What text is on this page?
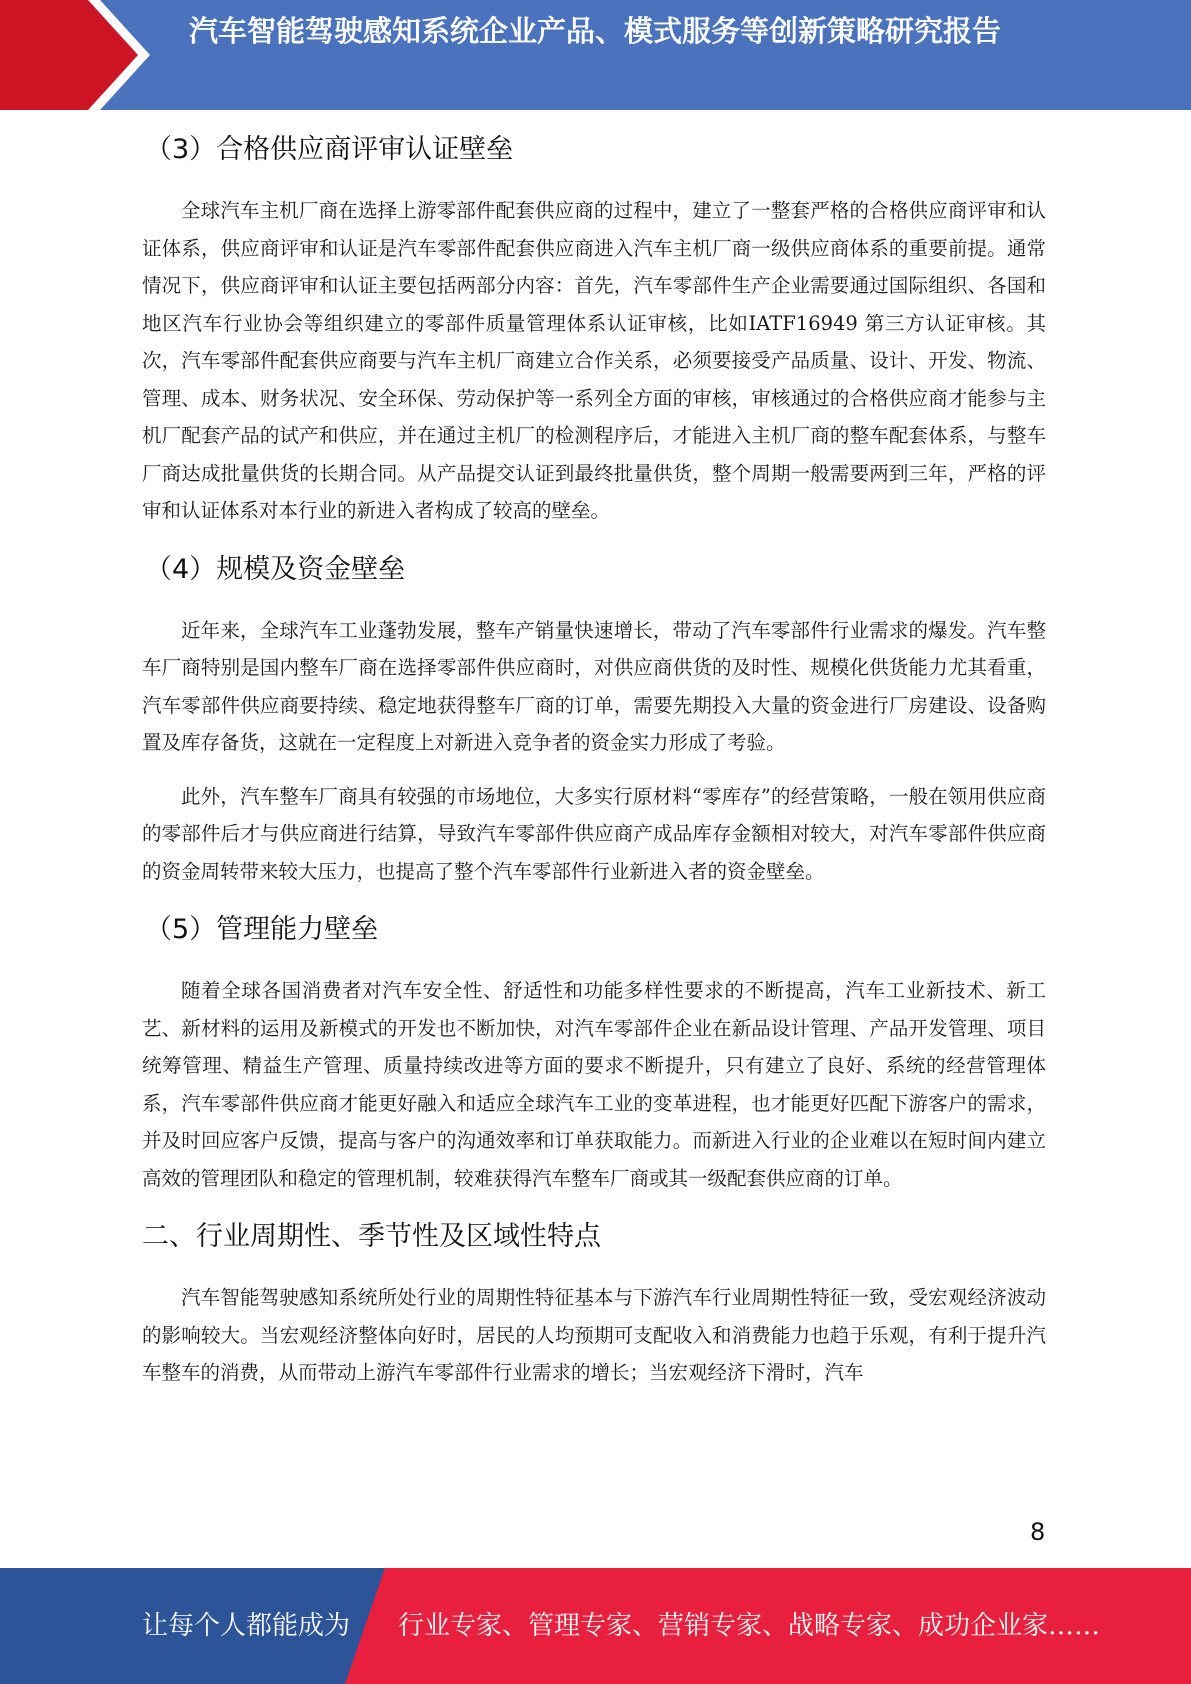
汽车智能驾驶感知系统企业产品、模式服务等创新策略研究报告
（3）合格供应商评审认证壁垒

全球汽车主机厂商在选择上游零部件配套供应商的过程中，建立了一整套严格的合格供应商评审和认证体系，供应商评审和认证是汽车零部件配套供应商进入汽车主机厂商一级供应商体系的重要前提。通常情况下，供应商评审和认证主要包括两部分内容：首先，汽车零部件生产企业需要通过国际组织、各国和地区汽车行业协会等组织建立的零部件质量管理体系认证审核，比如IATF16949 第三方认证审核。其次，汽车零部件配套供应商要与汽车主机厂商建立合作关系，必须要接受产品质量、设计、开发、物流、管理、成本、财务状况、安全环保、劳动保护等一系列全方面的审核，审核通过的合格供应商才能参与主机厂配套产品的试产和供应，并在通过主机厂的检测程序后，才能进入主机厂商的整车配套体系，与整车厂商达成批量供货的长期合同。从产品提交认证到最终批量供货，整个周期一般需要两到三年，严格的评审和认证体系对本行业的新进入者构成了较高的壁垒。

（4）规模及资金壁垒

近年来，全球汽车工业蓬勃发展，整车产销量快速增长，带动了汽车零部件行业需求的爆发。汽车整车厂商特别是国内整车厂商在选择零部件供应商时，对供应商供货的及时性、规模化供货能力尤其看重，汽车零部件供应商要持续、稳定地获得整车厂商的订单，需要先期投入大量的资金进行厂房建设、设备购置及库存备货，这就在一定程度上对新进入竞争者的资金实力形成了考验。

此外，汽车整车厂商具有较强的市场地位，大多实行原材料“零库存”的经营策略，一般在领用供应商的零部件后才与供应商进行结算，导致汽车零部件供应商产成品库存金额相对较大，对汽车零部件供应商的资金周转带来较大压力，也提高了整个汽车零部件行业新进入者的资金壁垒。

（5）管理能力壁垒

随着全球各国消费者对汽车安全性、舒适性和功能多样性要求的不断提高，汽车工业新技术、新工艺、新材料的运用及新模式的开发也不断加快，对汽车零部件企业在新品设计管理、产品开发管理、项目统筹管理、精益生产管理、质量持续改进等方面的要求不断提升，只有建立了良好、系统的经营管理体系，汽车零部件供应商才能更好融入和适应全球汽车工业的变革进程，也才能更好匹配下游客户的需求，并及时回应客户反馈，提高与客户的沟通效率和订单获取能力。而新进入行业的企业难以在短时间内建立高效的管理团队和稳定的管理机制，较难获得汽车整车厂商或其一级配套供应商的订单。

二、行业周期性、季节性及区域性特点

汽车智能驾驶感知系统所处行业的周期性特征基本与下游汽车行业周期性特征一致，受宏观经济波动的影响较大。当宏观经济整体向好时，居民的人均预期可支配收入和消费能力也趋于乐观，有利于提升汽车整车的消费，从而带动上游汽车零部件行业需求的增长；当宏观经济下滑时，汽车

8
让每个人都能成为 行业专家、管理专家、营销专家、战略专家、成功企业家……
